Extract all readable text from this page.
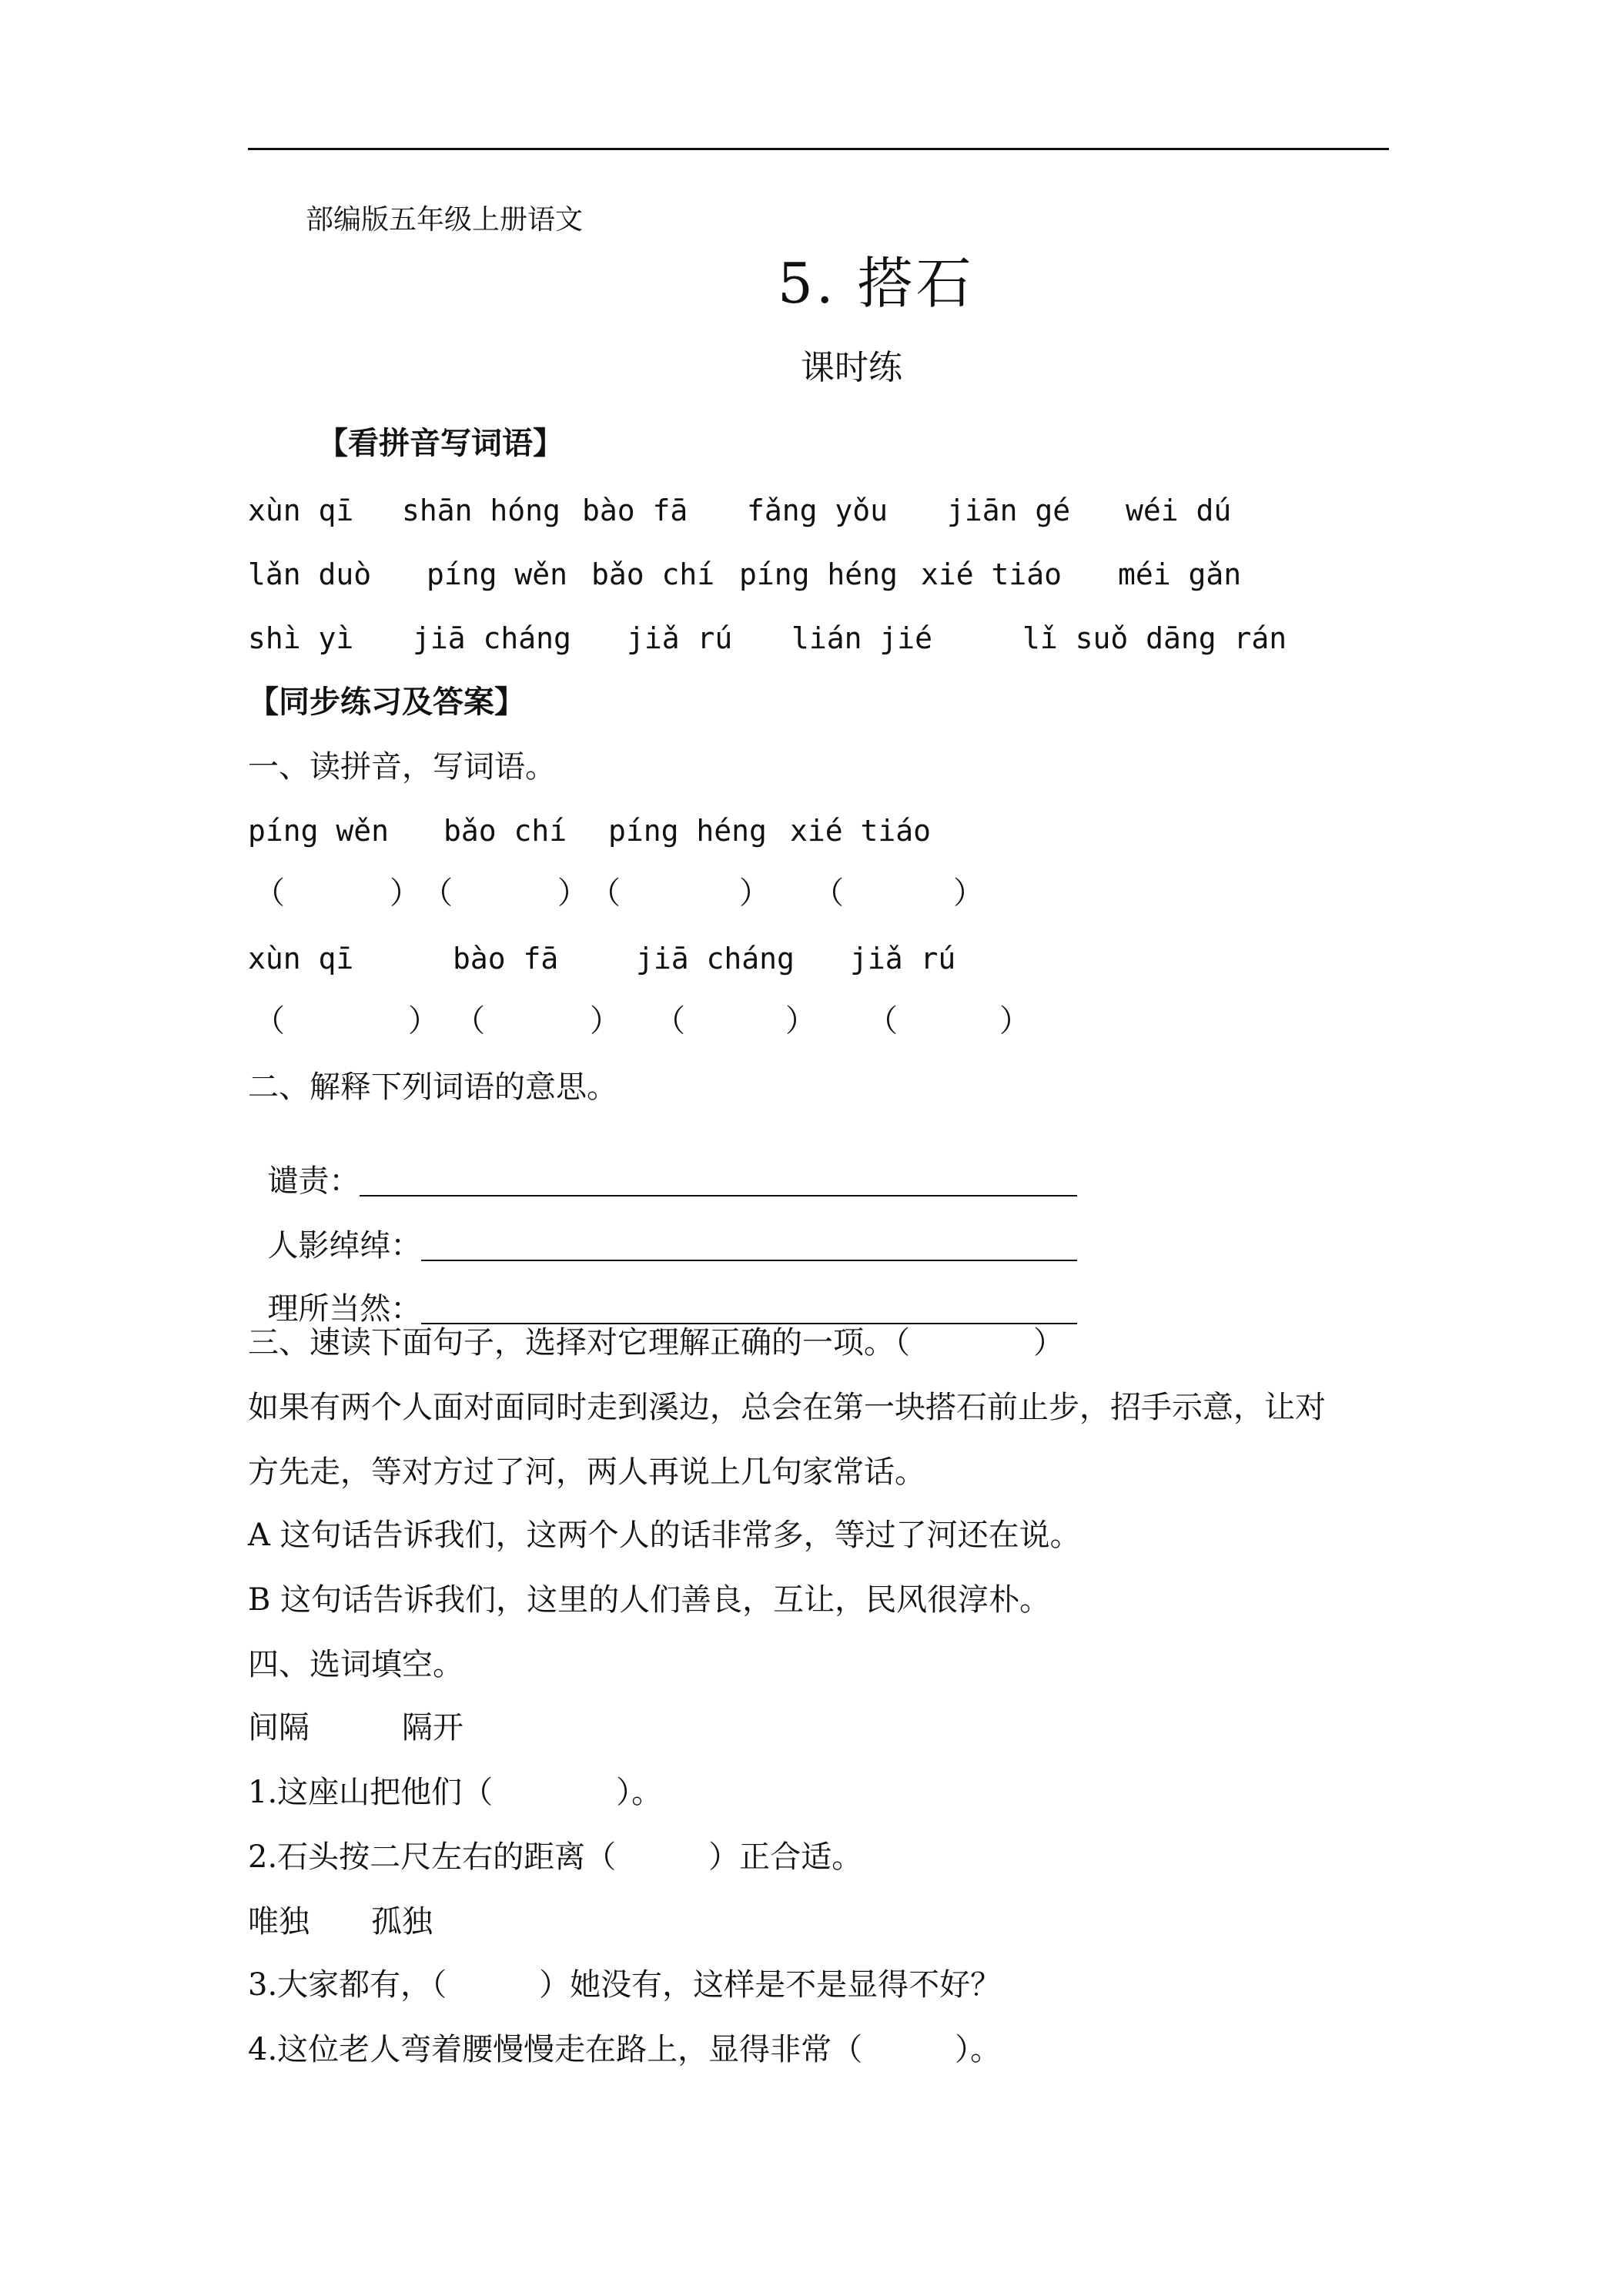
部编版五年级上册语文
5. 搭石
课时练
【看拼音写词语】
xùn qī shān hóng bào fā fǎng yǒu jiān gé wéi dú
lǎn duò píng wěn bǎo chí píng héng xié tiáo méi gǎn
shì yì jiā cháng jiǎ rú lián jié	lǐ suǒ dāng rán
【同步练习及答案】
一、读拼音，写词语。
píng wěn bǎo chí píng héng xié tiáo
（	） （	） （	） （	）
xùn qī	bào fā	jiā cháng jiǎ rú
（	） （	） （	） （	）
二、解释下列词语的意思。

谴责：

人影绰绰：

理所当然：

三、速读下面句子，选择对它理解正确的一项。（　　　　）
如果有两个人面对面同时走到溪边，总会在第一块搭石前止步，招手示意，让对
方先走，等对方过了河，两人再说上几句家常话。
A 这句话告诉我们，这两个人的话非常多，等过了河还在说。
B 这句话告诉我们，这里的人们善良，互让，民风很淳朴。
四、选词填空。
间隔　　　隔开
1.这座山把他们（　　　　）。
2.石头按二尺左右的距离（　　　）正合适。
唯独　　孤独
3.大家都有，（　　　）她没有，这样是不是显得不好？
4.这位老人弯着腰慢慢走在路上，显得非常（　　　）。
